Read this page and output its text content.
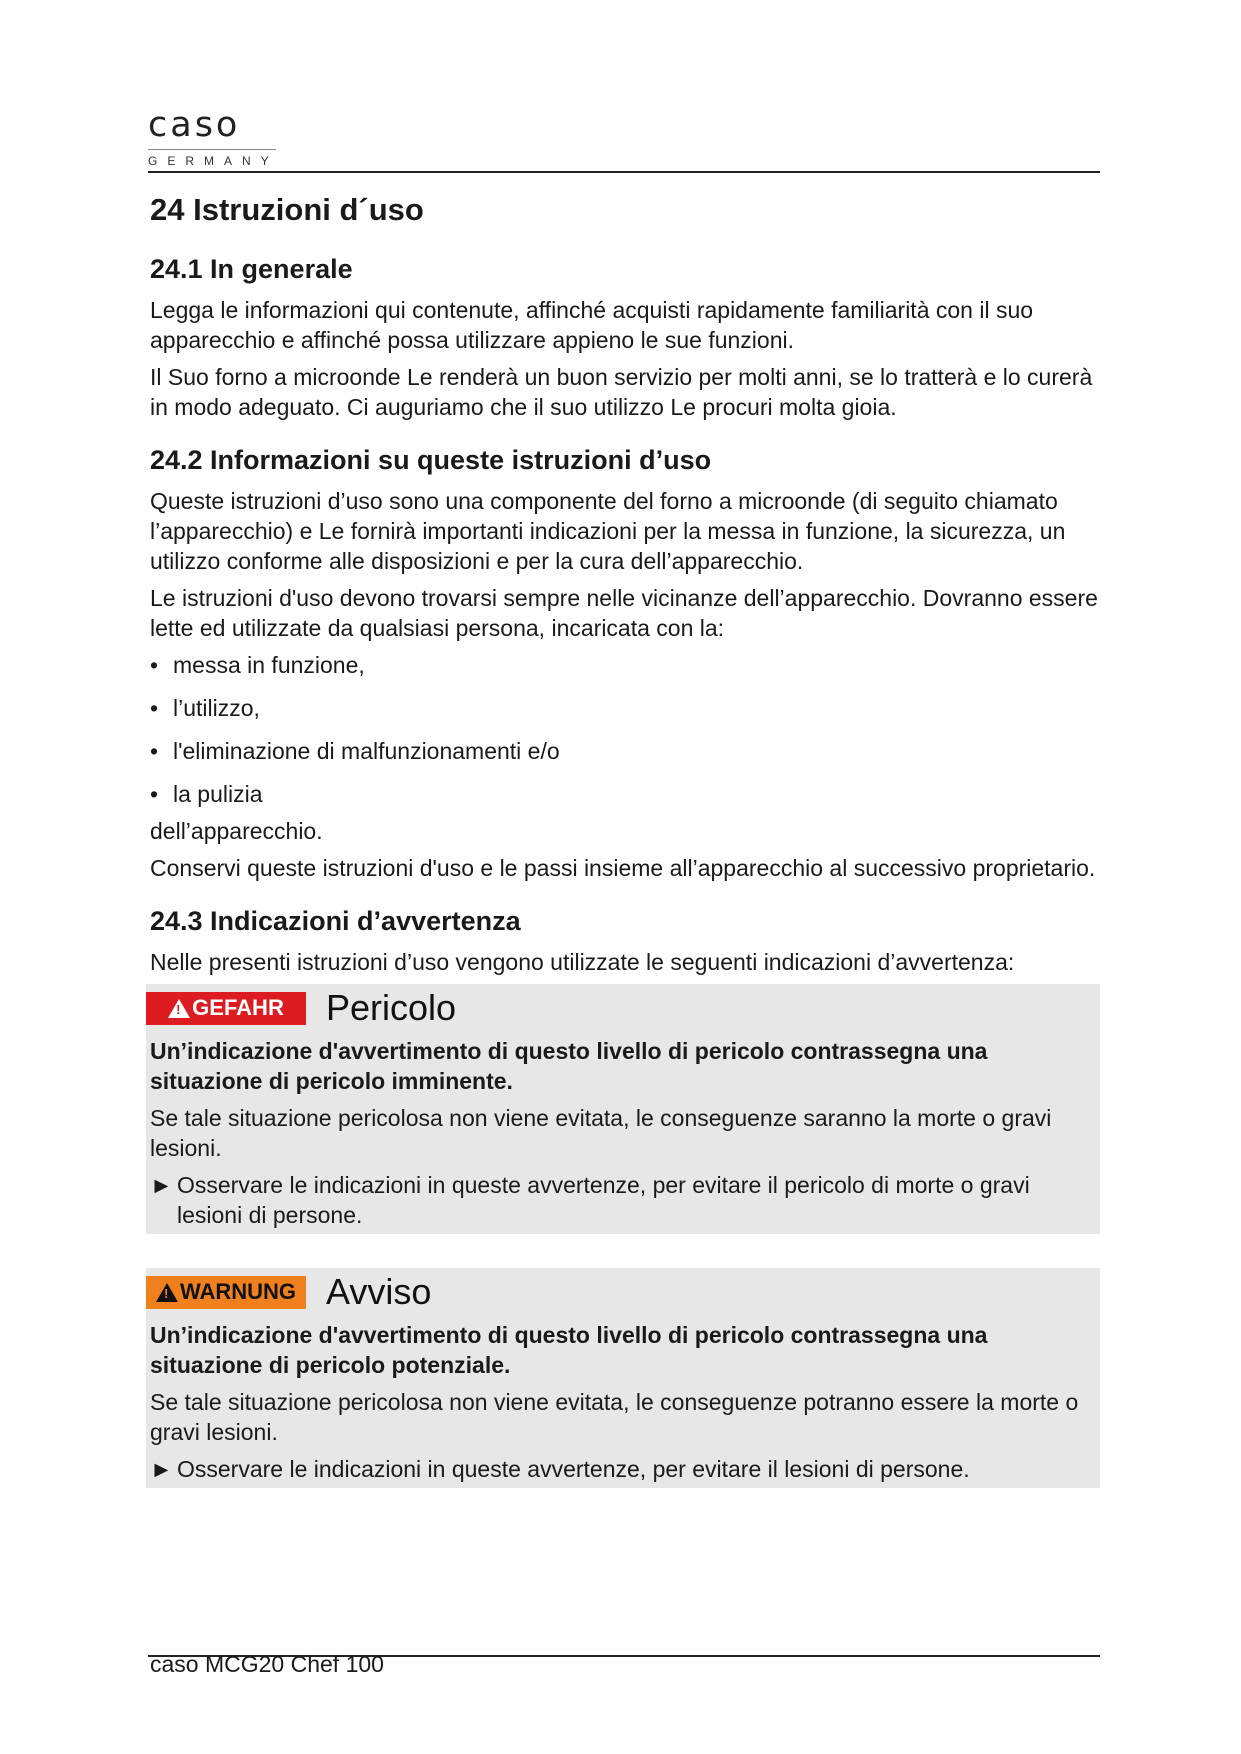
caso
GERMANY
24 Istruzioni d´uso
24.1 In generale

Legga le informazioni qui contenute, affinché acquisti rapidamente familiarità con il suo apparecchio e affinché possa utilizzare appieno le sue funzioni.

Il Suo forno a microonde Le renderà un buon servizio per molti anni, se lo tratterà e lo curerà in modo adeguato. Ci auguriamo che il suo utilizzo Le procuri molta gioia.

24.2 Informazioni su queste istruzioni d’uso

Queste istruzioni d’uso sono una componente del forno a microonde (di seguito chiamato l’apparecchio) e Le fornirà importanti indicazioni per la messa in funzione, la sicurezza, un utilizzo conforme alle disposizioni e per la cura dell’apparecchio.

Le istruzioni d'uso devono trovarsi sempre nelle vicinanze dell’apparecchio. Dovranno essere lette ed utilizzate da qualsiasi persona, incaricata con la:

• messa in funzione,
• l’utilizzo,
• l'eliminazione di malfunzionamenti e/o
• la pulizia

dell’apparecchio.

Conservi queste istruzioni d'uso e le passi insieme all’apparecchio al successivo proprietario.

24.3 Indicazioni d’avvertenza

Nelle presenti istruzioni d’uso vengono utilizzate le seguenti indicazioni d’avvertenza:

! GEFAHR Pericolo

Un’indicazione d'avvertimento di questo livello di pericolo contrassegna una situazione di pericolo imminente.

Se tale situazione pericolosa non viene evitata, le conseguenze saranno la morte o gravi lesioni.

► Osservare le indicazioni in queste avvertenze, per evitare il pericolo di morte o gravi lesioni di persone.
! WARNUNG Avviso

Un’indicazione d'avvertimento di questo livello di pericolo contrassegna una situazione di pericolo potenziale.

Se tale situazione pericolosa non viene evitata, le conseguenze potranno essere la morte o gravi lesioni.

► Osservare le indicazioni in queste avvertenze, per evitare il lesioni di persone.
caso MCG20 Chef 100
